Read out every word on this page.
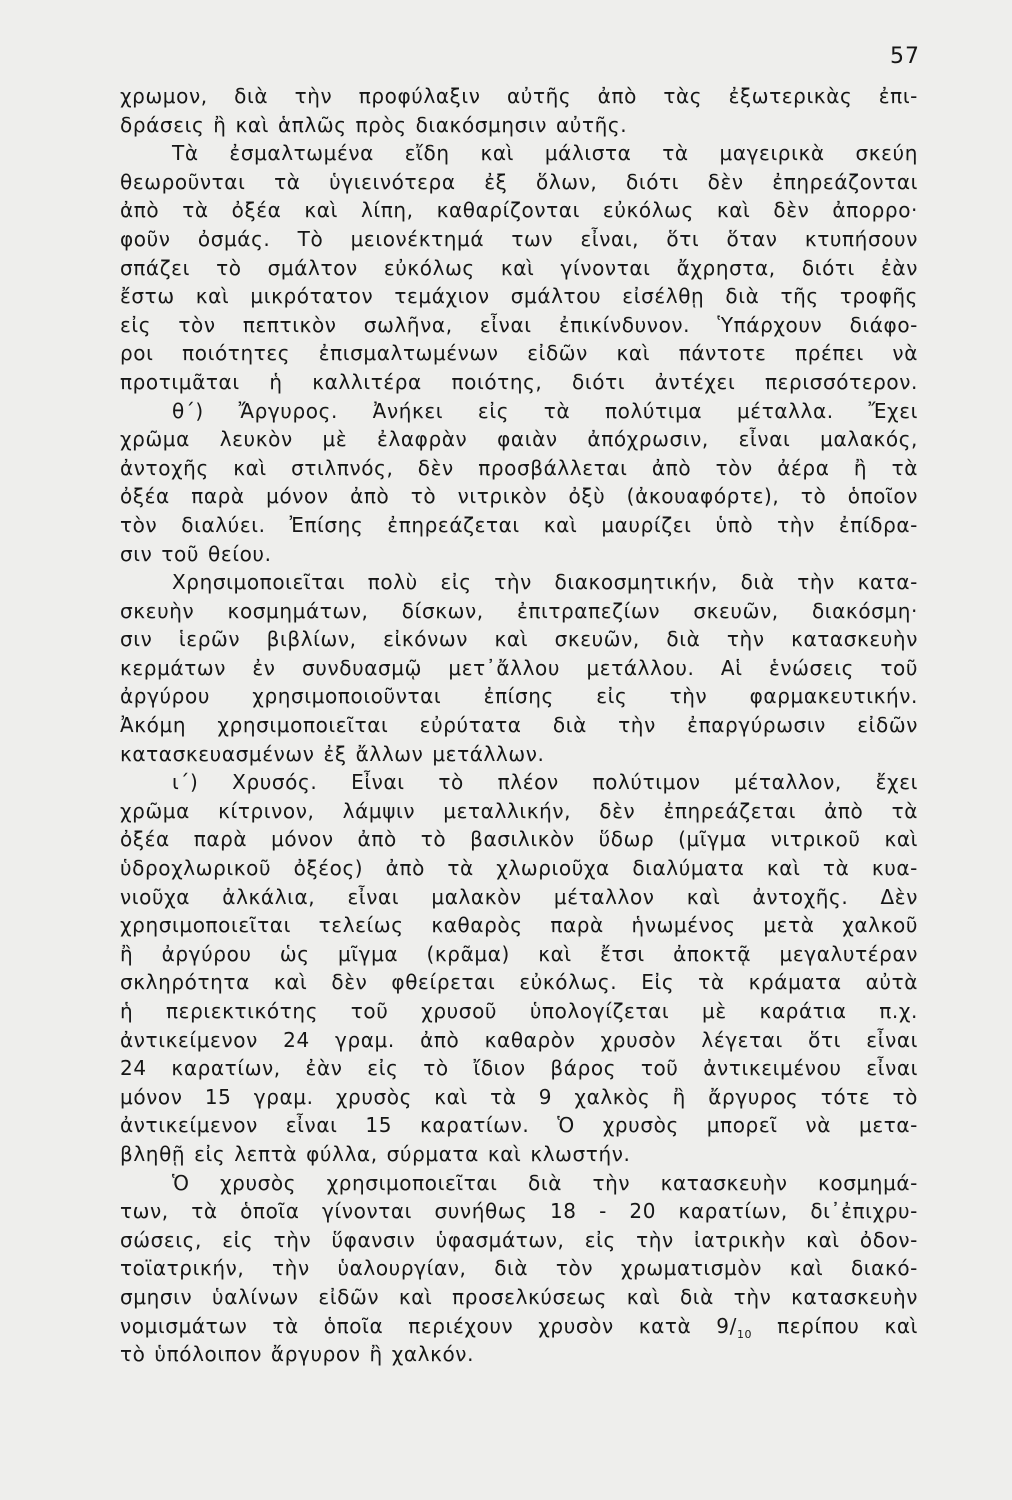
57
χρωμον, διὰ τὴν προφύλαξιν αὐτῆς ἀπὸ τὰς ἐξωτερικὰς ἐπι-
δράσεις ἢ καὶ ἁπλῶς πρὸς διακόσμησιν αὐτῆς.
Τὰ ἐσμαλτωμένα εἴδη καὶ μάλιστα τὰ μαγειρικὰ σκεύη
θεωροῦνται τὰ ὑγιεινότερα ἐξ ὅλων, διότι δὲν ἐπηρεάζονται
ἀπὸ τὰ ὀξέα καὶ λίπη, καθαρίζονται εὐκόλως καὶ δὲν ἀπορρο·
φοῦν ὀσμάς. Τὸ μειονέκτημά των εἶναι, ὅτι ὅταν κτυπήσουν
σπάζει τὸ σμάλτον εὐκόλως καὶ γίνονται ἄχρηστα, διότι ἐὰν
ἔστω καὶ μικρότατον τεμάχιον σμάλτου εἰσέλθῃ διὰ τῆς τροφῆς
εἰς τὸν πεπτικὸν σωλῆνα, εἶναι ἐπικίνδυνον. Ὑπάρχουν διάφο-
ροι ποιότητες ἐπισμαλτωμένων εἰδῶν καὶ πάντοτε πρέπει νὰ
προτιμᾶται ἡ καλλιτέρα ποιότης, διότι ἀντέχει περισσότερον.
θ΄) Ἄργυρος. Ἀνήκει εἰς τὰ πολύτιμα μέταλλα. Ἔχει
χρῶμα λευκὸν μὲ ἐλαφρὰν φαιὰν ἀπόχρωσιν, εἶναι μαλακός,
ἀντοχῆς καὶ στιλπνός, δὲν προσβάλλεται ἀπὸ τὸν ἀέρα ἢ τὰ
ὀξέα παρὰ μόνον ἀπὸ τὸ νιτρικὸν ὀξὺ (ἀκουαφόρτε), τὸ ὁποῖον
τὸν διαλύει. Ἐπίσης ἐπηρεάζεται καὶ μαυρίζει ὑπὸ τὴν ἐπίδρα-
σιν τοῦ θείου.
Χρησιμοποιεῖται πολὺ εἰς τὴν διακοσμητικήν, διὰ τὴν κατα-
σκευὴν κοσμημάτων, δίσκων, ἐπιτραπεζίων σκευῶν, διακόσμη·
σιν ἱερῶν βιβλίων, εἰκόνων καὶ σκευῶν, διὰ τὴν κατασκευὴν
κερμάτων ἐν συνδυασμῷ μετ᾽ἄλλου μετάλλου. Αἱ ἑνώσεις τοῦ
ἀργύρου χρησιμοποιοῦνται ἐπίσης εἰς τὴν φαρμακευτικήν.
Ἀκόμη χρησιμοποιεῖται εὐρύτατα διὰ τὴν ἐπαργύρωσιν εἰδῶν
κατασκευασμένων ἐξ ἄλλων μετάλλων.
ι΄) Χρυσός. Εἶναι τὸ πλέον πολύτιμον μέταλλον, ἔχει
χρῶμα κίτρινον, λάμψιν μεταλλικήν, δὲν ἐπηρεάζεται ἀπὸ τὰ
ὀξέα παρὰ μόνον ἀπὸ τὸ βασιλικὸν ὕδωρ (μῖγμα νιτρικοῦ καὶ
ὑδροχλωρικοῦ ὀξέος) ἀπὸ τὰ χλωριοῦχα διαλύματα καὶ τὰ κυα-
νιοῦχα ἀλκάλια, εἶναι μαλακὸν μέταλλον καὶ ἀντοχῆς. Δὲν
χρησιμοποιεῖται τελείως καθαρὸς παρὰ ἡνωμένος μετὰ χαλκοῦ
ἢ ἀργύρου ὡς μῖγμα (κρᾶμα) καὶ ἔτσι ἀποκτᾷ μεγαλυτέραν
σκληρότητα καὶ δὲν φθείρεται εὐκόλως. Εἰς τὰ κράματα αὐτὰ
ἡ περιεκτικότης τοῦ χρυσοῦ ὑπολογίζεται μὲ καράτια π.χ.
ἀντικείμενον 24 γραμ. ἀπὸ καθαρὸν χρυσὸν λέγεται ὅτι εἶναι
24 καρατίων, ἐὰν εἰς τὸ ἴδιον βάρος τοῦ ἀντικειμένου εἶναι
μόνον 15 γραμ. χρυσὸς καὶ τὰ 9 χαλκὸς ἢ ἄργυρος τότε τὸ
ἀντικείμενον εἶναι 15 καρατίων. Ὁ χρυσὸς μπορεῖ νὰ μετα-
βληθῇ εἰς λεπτὰ φύλλα, σύρματα καὶ κλωστήν.
Ὁ χρυσὸς χρησιμοποιεῖται διὰ τὴν κατασκευὴν κοσμημά-
των, τὰ ὁποῖα γίνονται συνήθως 18 - 20 καρατίων, δι᾽ἐπιχρυ-
σώσεις, εἰς τὴν ὕφανσιν ὑφασμάτων, εἰς τὴν ἰατρικὴν καὶ ὀδον-
τοϊατρικήν, τὴν ὑαλουργίαν, διὰ τὸν χρωματισμὸν καὶ διακό-
σμησιν ὑαλίνων εἰδῶν καὶ προσελκύσεως καὶ διὰ τὴν κατασκευὴν
νομισμάτων τὰ ὁποῖα περιέχουν χρυσὸν κατὰ $9/_{10}$ περίπου καὶ
τὸ ὑπόλοιπον ἄργυρον ἢ χαλκόν.
